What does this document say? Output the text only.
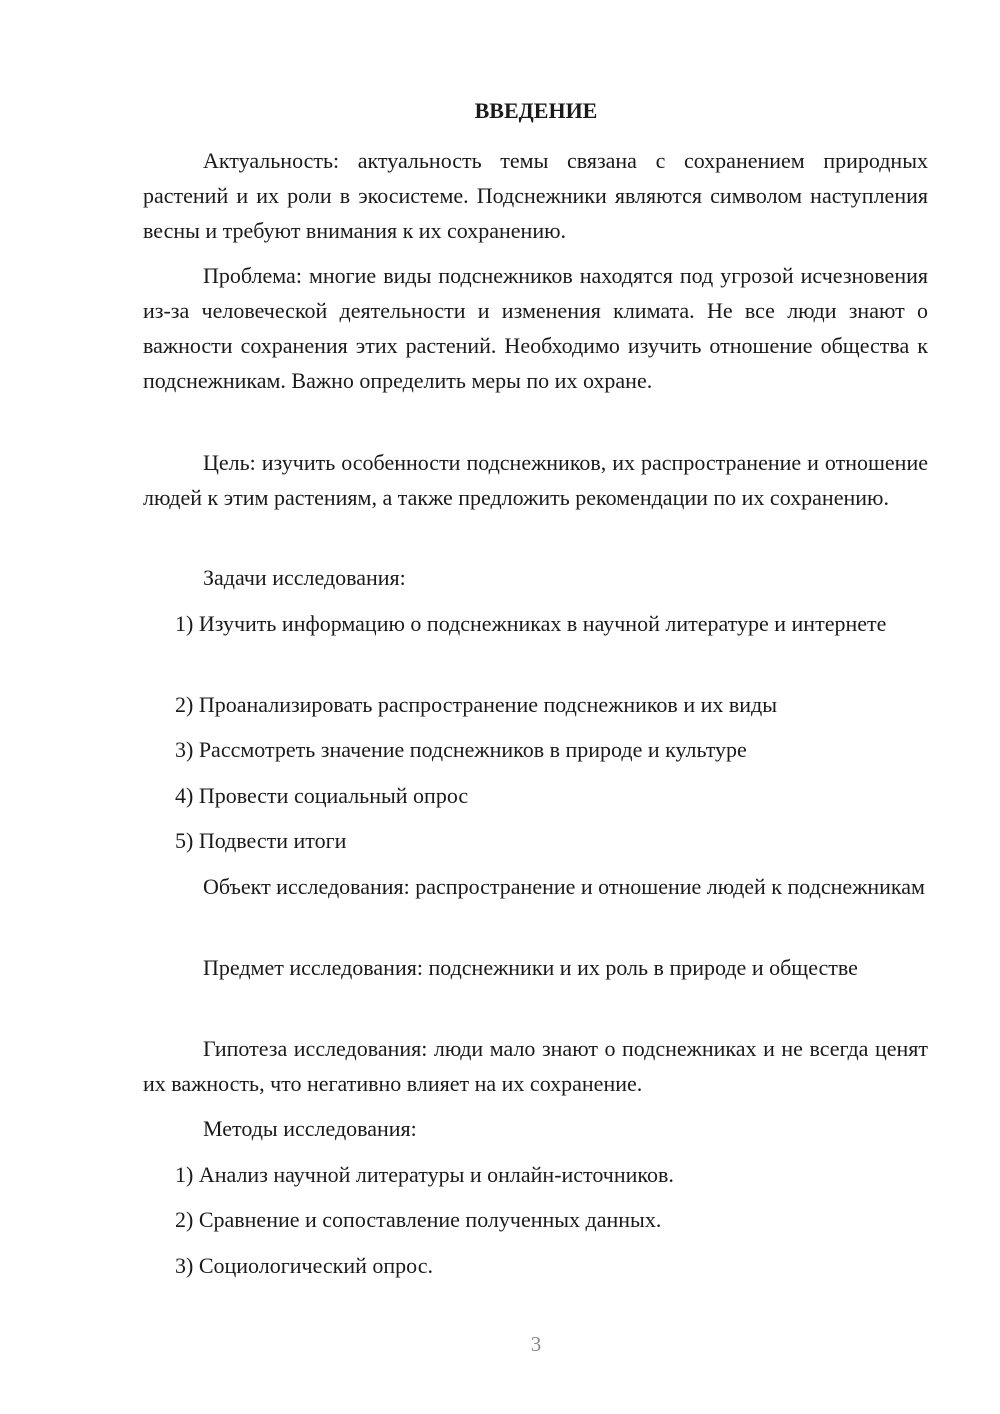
ВВЕДЕНИЕ

Актуальность: актуальность темы связана с сохранением природных растений и их роли в экосистеме. Подснежники являются символом наступления весны и требуют внимания к их сохранению.

Проблема: многие виды подснежников находятся под угрозой исчезновения из-за человеческой деятельности и изменения климата. Не все люди знают о важности сохранения этих растений. Необходимо изучить отношение общества к подснежникам. Важно определить меры по их охране.

Цель: изучить особенности подснежников, их распространение и отношение людей к этим растениям, а также предложить рекомендации по их сохранению.

Задачи исследования:

1) Изучить информацию о подснежниках в научной литературе и интернете

2) Проанализировать распространение подснежников и их виды

3) Рассмотреть значение подснежников в природе и культуре

4) Провести социальный опрос

5) Подвести итоги

Объект исследования: распространение и отношение людей к подснежникам

Предмет исследования: подснежники и их роль в природе и обществе

Гипотеза исследования: люди мало знают о подснежниках и не всегда ценят их важность, что негативно влияет на их сохранение.

Методы исследования:

1) Анализ научной литературы и онлайн-источников.

2) Сравнение и сопоставление полученных данных.

3) Социологический опрос.

3
